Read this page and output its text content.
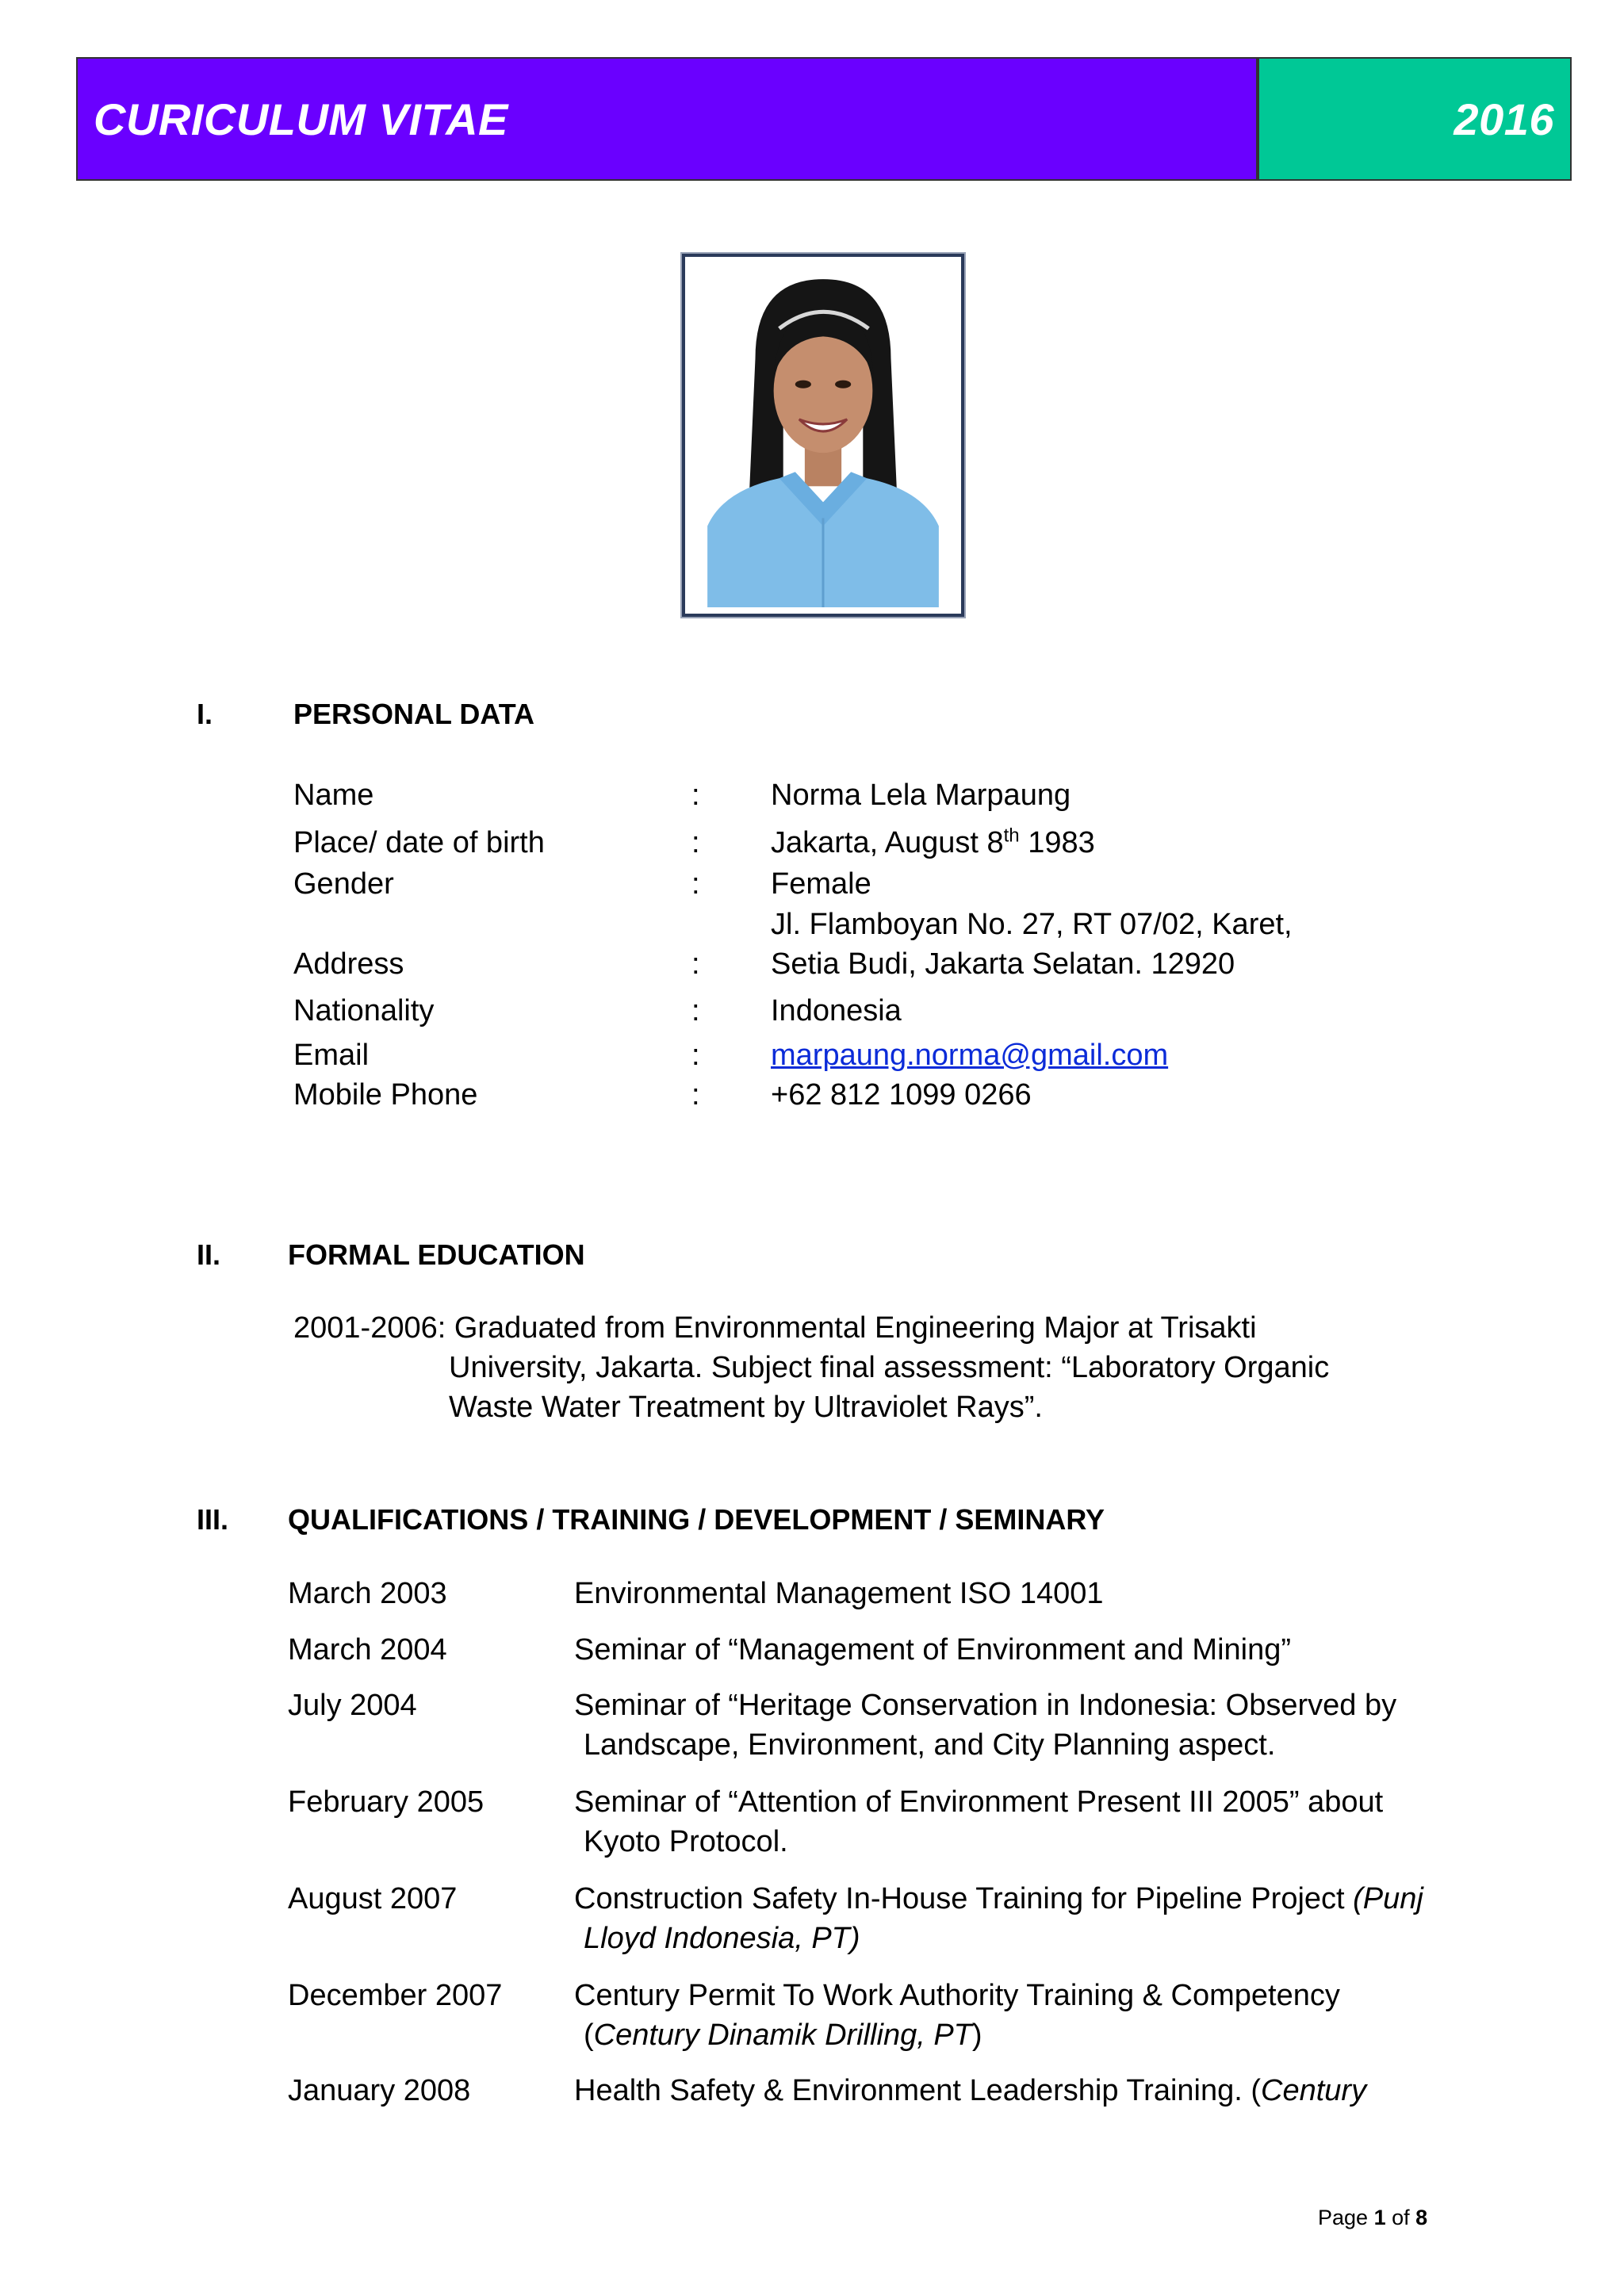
CURICULUM VITAE	2016
I.	PERSONAL DATA
Name	: Norma Lela Marpaung
Place/ date of birth	: Jakarta, August 8th 1983
Gender	: Female
Jl. Flamboyan No. 27, RT 07/02, Karet,
Address	: Setia Budi, Jakarta Selatan. 12920
Nationality	: Indonesia
Email	: marpaung.norma@gmail.com
Mobile Phone	: +62 812 1099 0266
II. FORMAL EDUCATION
2001-2006: Graduated from Environmental Engineering Major at Trisakti
University, Jakarta. Subject final assessment: “Laboratory Organic
Waste Water Treatment by Ultraviolet Rays”.
III. QUALIFICATIONS / TRAINING / DEVELOPMENT / SEMINARY
March 2003	Environmental Management ISO 14001
March 2004	Seminar of “Management of Environment and Mining”
July 2004	Seminar of “Heritage Conservation in Indonesia: Observed by
Landscape, Environment, and City Planning aspect.
February 2005	Seminar of “Attention of Environment Present III 2005” about
Kyoto Protocol.
August 2007	Construction Safety In-House Training for Pipeline Project (Punj
Lloyd Indonesia, PT)
December 2007 Century Permit To Work Authority Training & Competency
(Century Dinamik Drilling, PT)
January 2008	Health Safety & Environment Leadership Training. (Century
Page 1 of 8
